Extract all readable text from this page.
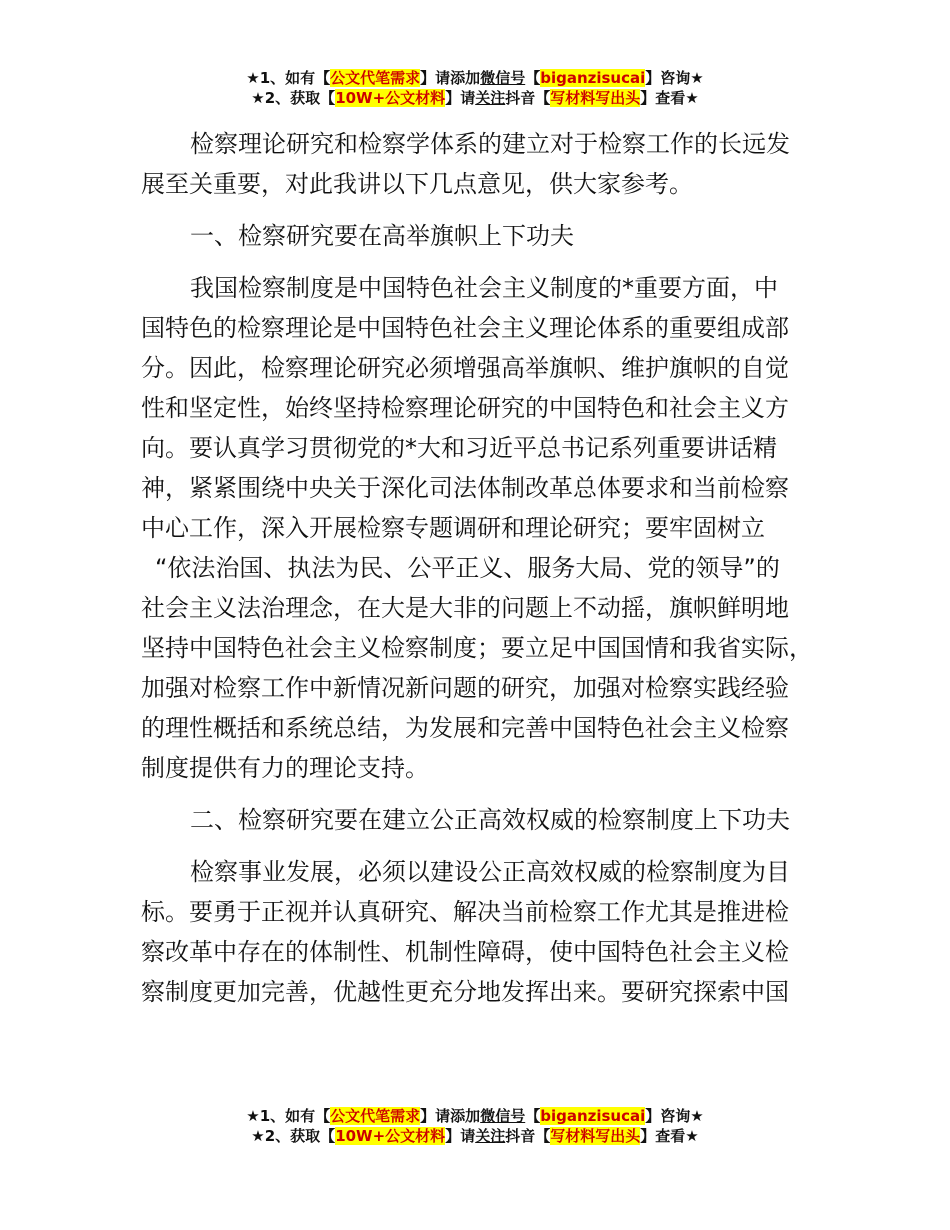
★1、如有【公文代笔需求】请添加微信号【biganzisucai】咨询★
★2、获取【10W+公文材料】请关注抖音【写材料写出头】查看★

检察理论研究和检察学体系的建立对于检察工作的长远发
展至关重要，对此我讲以下几点意见，供大家参考。

一、检察研究要在高举旗帜上下功夫

我国检察制度是中国特色社会主义制度的*重要方面，中
国特色的检察理论是中国特色社会主义理论体系的重要组成部
分。因此，检察理论研究必须增强高举旗帜、维护旗帜的自觉
性和坚定性，始终坚持检察理论研究的中国特色和社会主义方
向。要认真学习贯彻党的*大和习近平总书记系列重要讲话精
神，紧紧围绕中央关于深化司法体制改革总体要求和当前检察
中心工作，深入开展检察专题调研和理论研究；要牢固树立
“依法治国、执法为民、公平正义、服务大局、党的领导”的
社会主义法治理念，在大是大非的问题上不动摇，旗帜鲜明地
坚持中国特色社会主义检察制度；要立足中国国情和我省实际，
加强对检察工作中新情况新问题的研究，加强对检察实践经验
的理性概括和系统总结，为发展和完善中国特色社会主义检察
制度提供有力的理论支持。

二、检察研究要在建立公正高效权威的检察制度上下功夫

检察事业发展，必须以建设公正高效权威的检察制度为目
标。要勇于正视并认真研究、解决当前检察工作尤其是推进检
察改革中存在的体制性、机制性障碍，使中国特色社会主义检
察制度更加完善，优越性更充分地发挥出来。要研究探索中国

★1、如有【公文代笔需求】请添加微信号【biganzisucai】咨询★
★2、获取【10W+公文材料】请关注抖音【写材料写出头】查看★
